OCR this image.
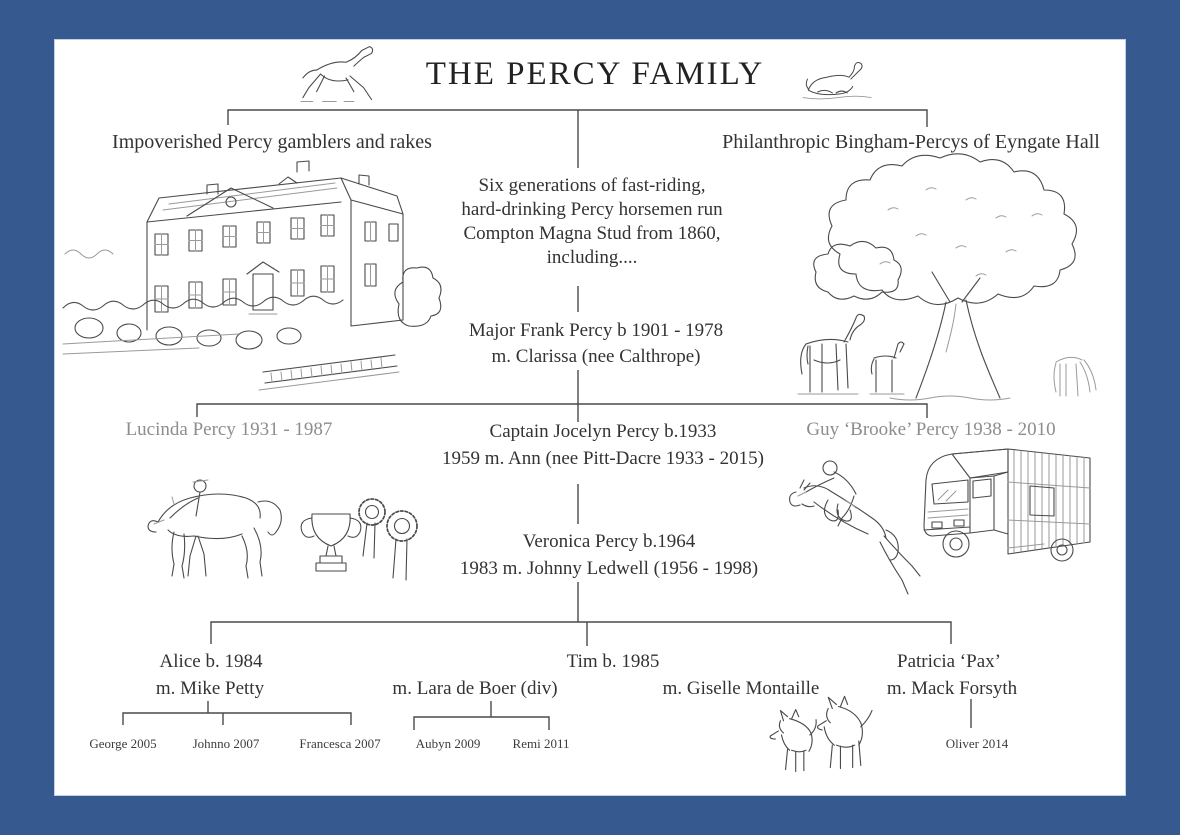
THE PERCY FAMILY
Impoverished Percy gamblers and rakes	Philanthropic Bingham-Percys of Eyngate Hall
Six generations of fast-riding,
hard-drinking Percy horsemen run
Compton Magna Stud from 1860,
including....
Major Frank Percy b 1901 - 1978
m. Clarissa (nee Calthrope)
Lucinda Percy 1931 - 1987	Captain Jocelyn Percy b.1933
1959 m. Ann (nee Pitt-Dacre 1933 - 2015)
Guy ‘Brooke’ Percy 1938 - 2010
Veronica Percy b.1964
1983 m. Johnny Ledwell (1956 - 1998)
Alice b. 1984
m. Mike Petty
Tim b. 1985
m. Lara de Boer (div)	m. Giselle Montaille
Patricia ‘Pax’
m. Mack Forsyth
George 2005	Johnno 2007	Francesca 2007	Aubyn 2009 Remi 2011	Oliver 2014
